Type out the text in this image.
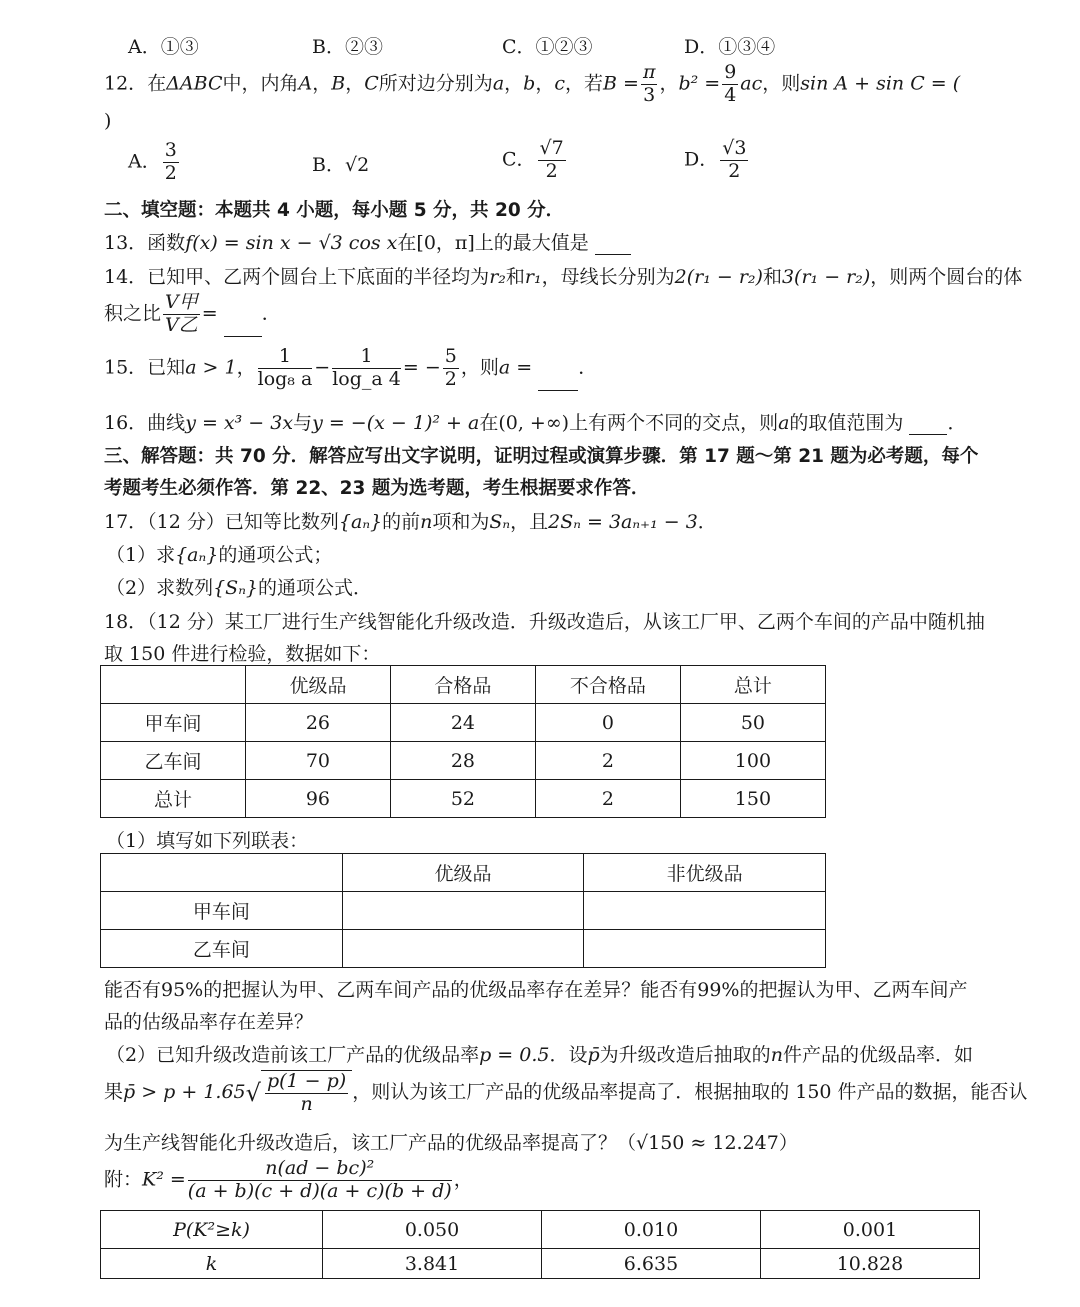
A．①③	B．②③	C．①②③	D．①③④
12．在ΔABC中，内角A，B，C所对边分别为a，b，c，若$B = \frac{\pi}{3}$ ，$b^2 = \frac{9}{4}$ ac，则sin A + sin C = (
)
A． $\frac{3}{2}$	B．√2	C． $\frac{√7}{2}$	D． $\frac{√3}{2}$
二、填空题：本题共 4 小题，每小题 5 分，共 20 分．
13．函数f(x) = sin x − √3 cos x在[0，π]上的最大值是
14．已知甲、乙两个圆台上下底面的半径均为r₂和r₁，母线长分别为2(r₁ − r₂)和3(r₁ − r₂)，则两个圆台的体
积之比 $\frac{\text{V甲}}{\text{V乙}}$ = ．
15．已知a > 1， $\frac{1}{\text{log₈ a}} - \frac{1}{\log\_a 4}$ = − $\frac{5}{2}$ ，则a = ．
16．曲线y = x³ − 3x与y = −(x − 1)² + a在(0, +∞)上有两个不同的交点，则a的取值范围为 ．
三、解答题：共 70 分．解答应写出文字说明，证明过程或演算步骤．第 17 题～第 21 题为必考题，每个
考题考生必须作答．第 22、23 题为选考题，考生根据要求作答．
17．（12 分）已知等比数列{aₙ}的前n项和为Sₙ，且2Sₙ = 3aₙ₊₁ − 3．
（1）求{aₙ}的通项公式；
（2）求数列{Sₙ}的通项公式．
18．（12 分）某工厂进行生产线智能化升级改造．升级改造后，从该工厂甲、乙两个车间的产品中随机抽
取 150 件进行检验，数据如下：
	优级品	合格品	不合格品	总计
甲车间	26	24	0	50
乙车间	70	28	2	100
总计	96	52	2	150
（1）填写如下列联表：
	优级品	非优级品
甲车间		
乙车间		
能否有95%的把握认为甲、乙两车间产品的优级品率存在差异？能否有99%的把握认为甲、乙两车间产
品的估级品率存在差异？
（2）已知升级改造前该工厂产品的优级品率p = 0.5．设p̄为升级改造后抽取的n件产品的优级品率．如
果p̄ > $p + 1.65√ \frac{p(1 - p)}{n}$ ，则认为该工厂产品的优级品率提高了．根据抽取的 150 件产品的数据，能否认
为生产线智能化升级改造后，该工厂产品的优级品率提高了？（√150 ≈ 12.247）
附：$K^2 = \frac{\text{n(ad − bc)²}}{(a + b)(c + d)(a + c)(b + d)}$ ，
P(K²≥k)	0.050	0.010	0.001
k	3.841	6.635	10.828
